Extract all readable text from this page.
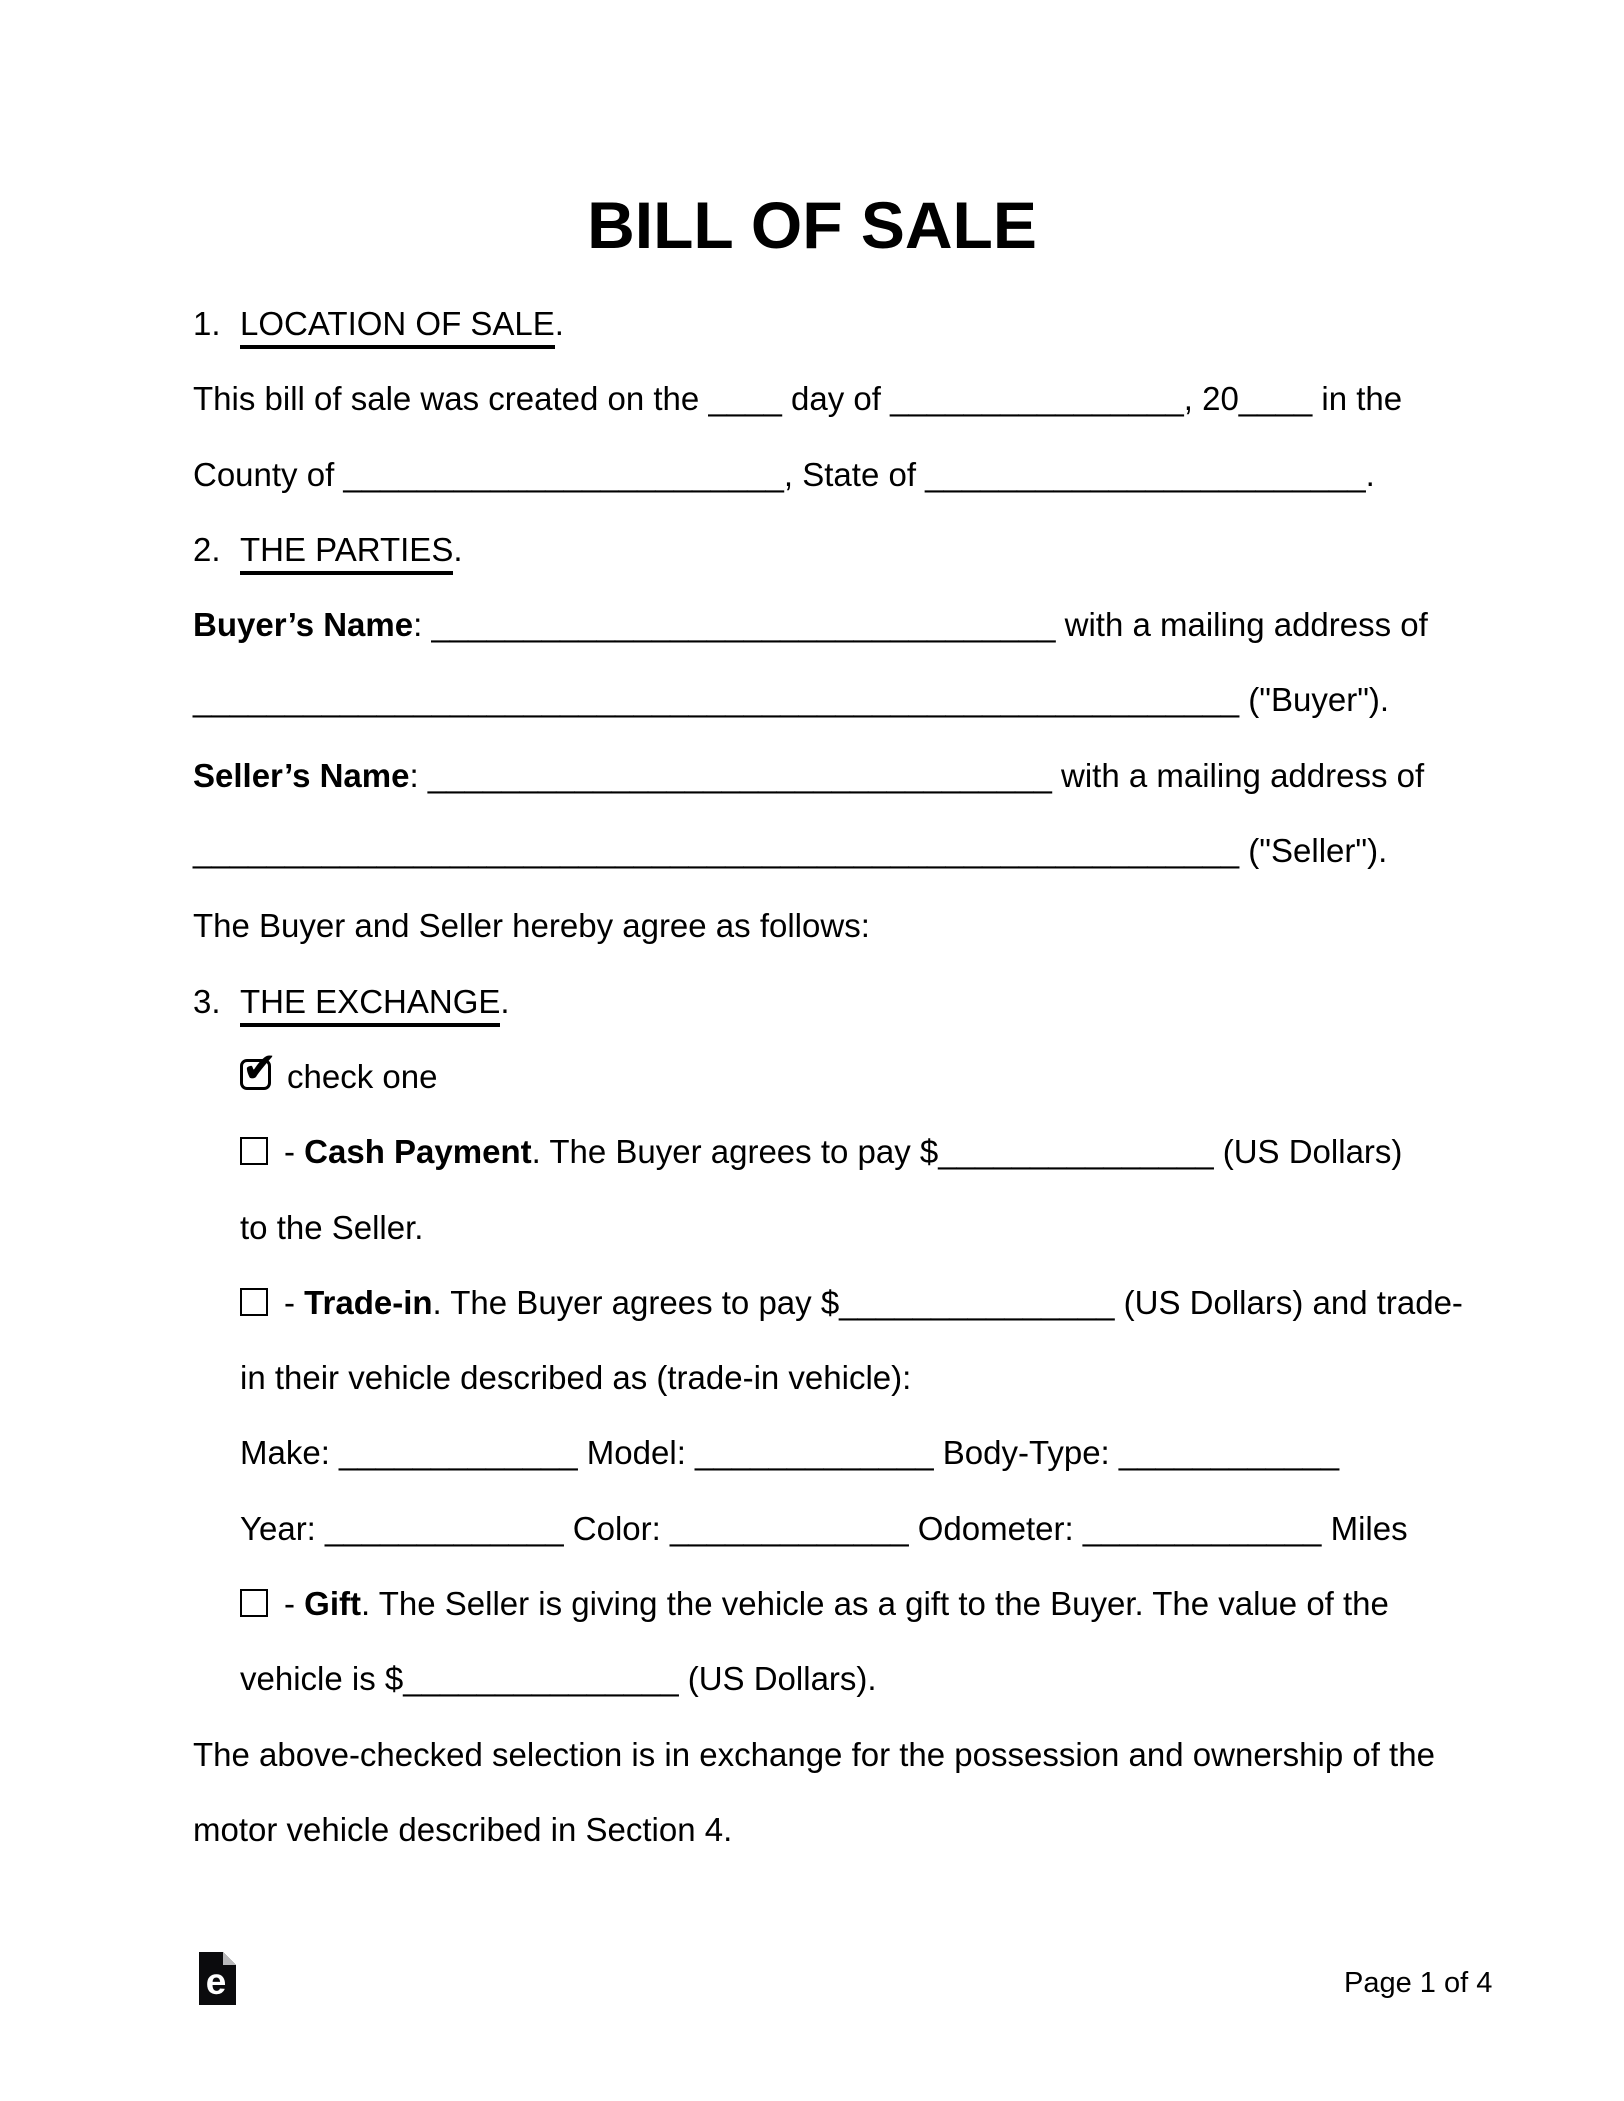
BILL OF SALE
1. LOCATION OF SALE.
This bill of sale was created on the ____ day of ________________, 20____ in the
County of ________________________, State of ________________________.
2. THE PARTIES.
Buyer’s Name: __________________________________ with a mailing address of
_________________________________________________________ ("Buyer").
Seller’s Name: __________________________________ with a mailing address of
_________________________________________________________ ("Seller").
The Buyer and Seller hereby agree as follows:
3. THE EXCHANGE.
✔ check one
- Cash Payment. The Buyer agrees to pay $_______________ (US Dollars)
to the Seller.
- Trade-in. The Buyer agrees to pay $_______________ (US Dollars) and trade-
in their vehicle described as (trade-in vehicle):
Make: _____________ Model: _____________ Body-Type: ____________
Year: _____________ Color: _____________ Odometer: _____________ Miles
- Gift. The Seller is giving the vehicle as a gift to the Buyer. The value of the
vehicle is $_______________ (US Dollars).
The above-checked selection is in exchange for the possession and ownership of the
motor vehicle described in Section 4.
e	Page 1 of 4
